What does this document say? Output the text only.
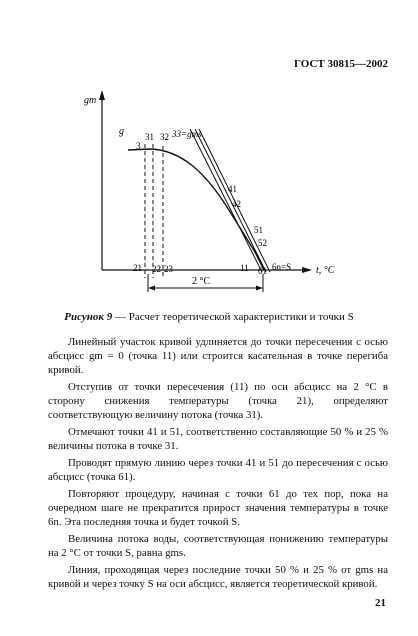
ГОСТ 30815—2002
2 °C
gm
g
t, °C
3
31 32 33=gms
41
42
51
52
21 22 23	11 61 6n=S
Рисунок 9 — Расчет теоретической характеристики и точки S

Линейный участок кривой удлиняется до точки пересечения с осью абсцисс gm = 0 (точка 11) или строится касательная в точке перегиба кривой.

Отступив от точки пересечения (11) по оси абсцисс на 2 °С в сторону снижения температуры (точка 21), определяют соответствующую величину потока (точка 31).

Отмечают точки 41 и 51, соответственно составляющие 50 % и 25 % величины потока в точке 31.

Проводят прямую линию через точки 41 и 51 до пересечения с осью абсцисс (точка 61).

Повторяют процедуру, начиная с точки 61 до тех пор, пока на очередном шаге не прекратится прирост значения температуры в точке 6n. Эта последняя точка и будет точкой S.

Величина потока воды, соответствующая понижению температуры на 2 °С от точки S, равна gms.

Линия, проходящая через последние точки 50 % и 25 % от gms на кривой и через точку S на оси абсцисс, является теоретической кривой.

21
